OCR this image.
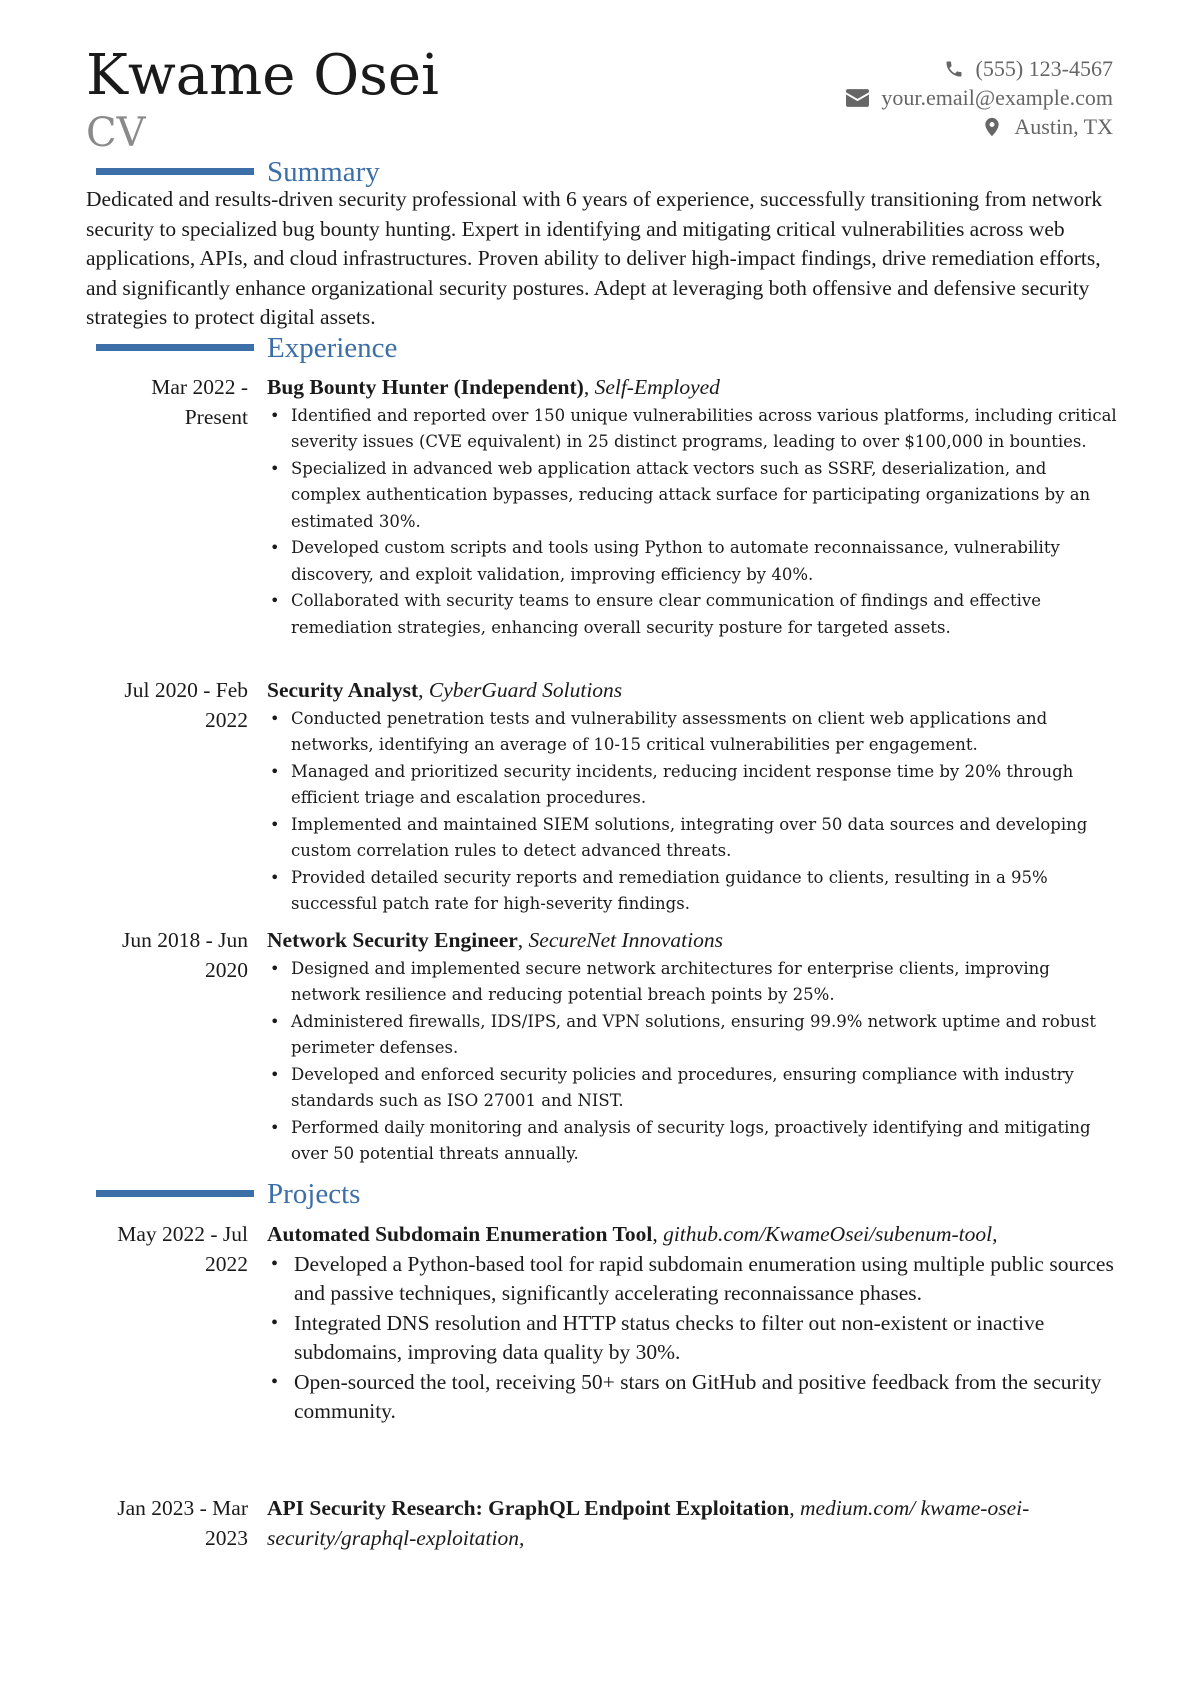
Kwame Osei
CV
(555) 123-4567
your.email@example.com
Austin, TX
Summary

Dedicated and results-driven security professional with 6 years of experience, successfully transitioning from network security to specialized bug bounty hunting. Expert in identifying and mitigating critical vulnerabilities across web applications, APIs, and cloud infrastructures. Proven ability to deliver high-impact findings, drive remediation efforts, and significantly enhance organizational security postures. Adept at leveraging both offensive and defensive security strategies to protect digital assets.

Experience
Mar 2022 - Present
Bug Bounty Hunter (Independent), Self-Employed
• Identified and reported over 150 unique vulnerabilities across various platforms, including critical severity issues (CVE equivalent) in 25 distinct programs, leading to over $100,000 in bounties.
• Specialized in advanced web application attack vectors such as SSRF, deserialization, and complex authentication bypasses, reducing attack surface for participating organizations by an estimated 30%.
• Developed custom scripts and tools using Python to automate reconnaissance, vulnerability discovery, and exploit validation, improving efficiency by 40%.
• Collaborated with security teams to ensure clear communication of findings and effective remediation strategies, enhancing overall security posture for targeted assets.
Jul 2020 - Feb 2022
Security Analyst, CyberGuard Solutions
• Conducted penetration tests and vulnerability assessments on client web applications and networks, identifying an average of 10-15 critical vulnerabilities per engagement.
• Managed and prioritized security incidents, reducing incident response time by 20% through efficient triage and escalation procedures.
• Implemented and maintained SIEM solutions, integrating over 50 data sources and developing custom correlation rules to detect advanced threats.
• Provided detailed security reports and remediation guidance to clients, resulting in a 95% successful patch rate for high-severity findings.
Jun 2018 - Jun 2020
Network Security Engineer, SecureNet Innovations
• Designed and implemented secure network architectures for enterprise clients, improving network resilience and reducing potential breach points by 25%.
• Administered firewalls, IDS/IPS, and VPN solutions, ensuring 99.9% network uptime and robust perimeter defenses.
• Developed and enforced security policies and procedures, ensuring compliance with industry standards such as ISO 27001 and NIST.
• Performed daily monitoring and analysis of security logs, proactively identifying and mitigating over 50 potential threats annually.
Projects
May 2022 - Jul 2022
Automated Subdomain Enumeration Tool, github.com/KwameOsei/subenum-tool,
• Developed a Python-based tool for rapid subdomain enumeration using multiple public sources and passive techniques, significantly accelerating reconnaissance phases.
• Integrated DNS resolution and HTTP status checks to filter out non-existent or inactive subdomains, improving data quality by 30%.
• Open-sourced the tool, receiving 50+ stars on GitHub and positive feedback from the security community.
Jan 2023 - Mar 2023
API Security Research: GraphQL Endpoint Exploitation, medium.com/ kwame-osei-security/graphql-exploitation,
